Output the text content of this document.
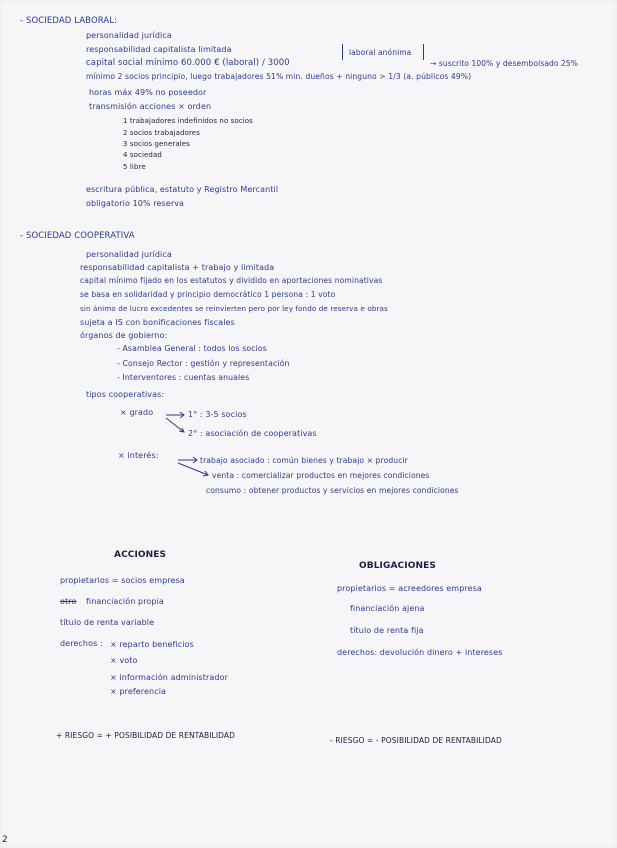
- SOCIEDAD LABORAL:
personalidad jurídica
responsabilidad capitalista limitada
capital social mínimo 60.000 € (laboral) / 3000
laboral anónima
→ suscrito 100% y desembolsado 25%
mínimo 2 socios principio, luego trabajadores 51% min. dueños + ninguno > 1/3 (a. públicos 49%)
horas máx 49% no poseedor
transmisión acciones × orden
1 trabajadores indefinidos no socios
2 socios trabajadores
3 socios generales
4 sociedad
5 libre
escritura pública, estatuto y Registro Mercantil
obligatorio 10% reserva
- SOCIEDAD COOPERATIVA
personalidad jurídica
responsabilidad capitalista + trabajo y limitada
capital mínimo fijado en los estatutos y dividido en aportaciones nominativas
se basa en solidaridad y principio democrático 1 persona : 1 voto
sin ánimo de lucro excedentes se reinvierten pero por ley fondo de reserva e obras
sujeta a IS con bonificaciones fiscales
órganos de gobierno:
- Asamblea General : todos los socios
- Consejo Rector : gestión y representación
- Interventores : cuentas anuales
tipos cooperativas:
× grado	1° : 3-5 socios
2° : asociación de cooperativas
× interés:
trabajo asociado : común bienes y trabajo × producir
venta : comercializar productos en mejores condiciones
consumo : obtener productos y servicios en mejores condiciones
ACCIONES
propietarios = socios empresa
otro	financiación propia
título de renta variable
derechos : × reparto beneficios
× voto
× información administrador
× preferencia
+ RIESGO = + POSIBILIDAD DE RENTABILIDAD
OBLIGACIONES
propietarios = acreedores empresa
financiación ajena
título de renta fija
derechos: devolución dinero + intereses
- RIESGO = - POSIBILIDAD DE RENTABILIDAD
2
